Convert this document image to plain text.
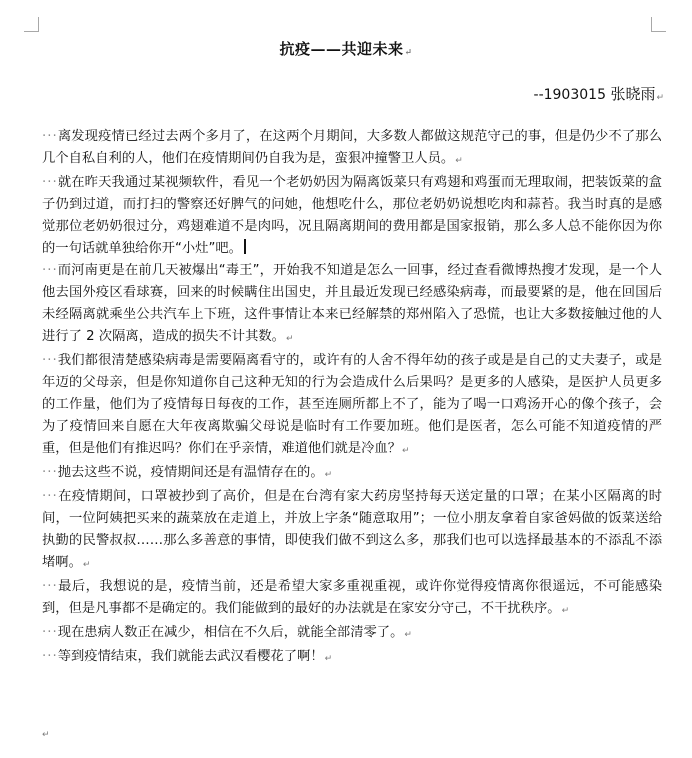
抗疫——共迎未来↵
--1903015 张晓雨↵

···离发现疫情已经过去两个多月了，在这两个月期间，大多数人都做这规范守己的事，但是仍少不了那么几个自私自利的人，他们在疫情期间仍自我为是，蛮狠冲撞警卫人员。↵

···就在昨天我通过某视频软件，看见一个老奶奶因为隔离饭菜只有鸡翅和鸡蛋而无理取闹，把装饭菜的盒子仍到过道，而打扫的警察还好脾气的问她，他想吃什么，那位老奶奶说想吃肉和蒜苔。我当时真的是感觉那位老奶奶很过分，鸡翅难道不是肉吗，况且隔离期间的费用都是国家报销，那么多人总不能你因为你的一句话就单独给你开“小灶”吧。

···而河南更是在前几天被爆出“毒王”，开始我不知道是怎么一回事，经过查看微博热搜才发现，是一个人他去国外疫区看球赛，回来的时候瞒住出国史，并且最近发现已经感染病毒，而最要紧的是，他在回国后未经隔离就乘坐公共汽车上下班，这件事情让本来已经解禁的郑州陷入了恐慌，也让大多数接触过他的人进行了 2 次隔离，造成的损失不计其数。↵

···我们都很清楚感染病毒是需要隔离看守的，或许有的人舍不得年幼的孩子或是是自己的丈夫妻子，或是年迈的父母亲，但是你知道你自己这种无知的行为会造成什么后果吗？是更多的人感染，是医护人员更多的工作量，他们为了疫情每日每夜的工作，甚至连厕所都上不了，能为了喝一口鸡汤开心的像个孩子，会为了疫情回来自愿在大年夜离欺骗父母说是临时有工作要加班。他们是医者，怎么可能不知道疫情的严重，但是他们有推迟吗？你们在乎亲情，难道他们就是冷血？↵

···抛去这些不说，疫情期间还是有温情存在的。↵

···在疫情期间，口罩被抄到了高价，但是在台湾有家大药房坚持每天送定量的口罩；在某小区隔离的时间，一位阿姨把买来的蔬菜放在走道上，并放上字条“随意取用”；一位小朋友拿着自家爸妈做的饭菜送给执勤的民警叔叔……那么多善意的事情，即使我们做不到这么多，那我们也可以选择最基本的不添乱不添堵啊。↵

···最后，我想说的是，疫情当前，还是希望大家多重视重视，或许你觉得疫情离你很遥远，不可能感染到，但是凡事都不是确定的。我们能做到的最好的办法就是在家安分守己，不干扰秩序。↵

···现在患病人数正在减少，相信在不久后，就能全部清零了。↵

···等到疫情结束，我们就能去武汉看樱花了啊！↵

↵
